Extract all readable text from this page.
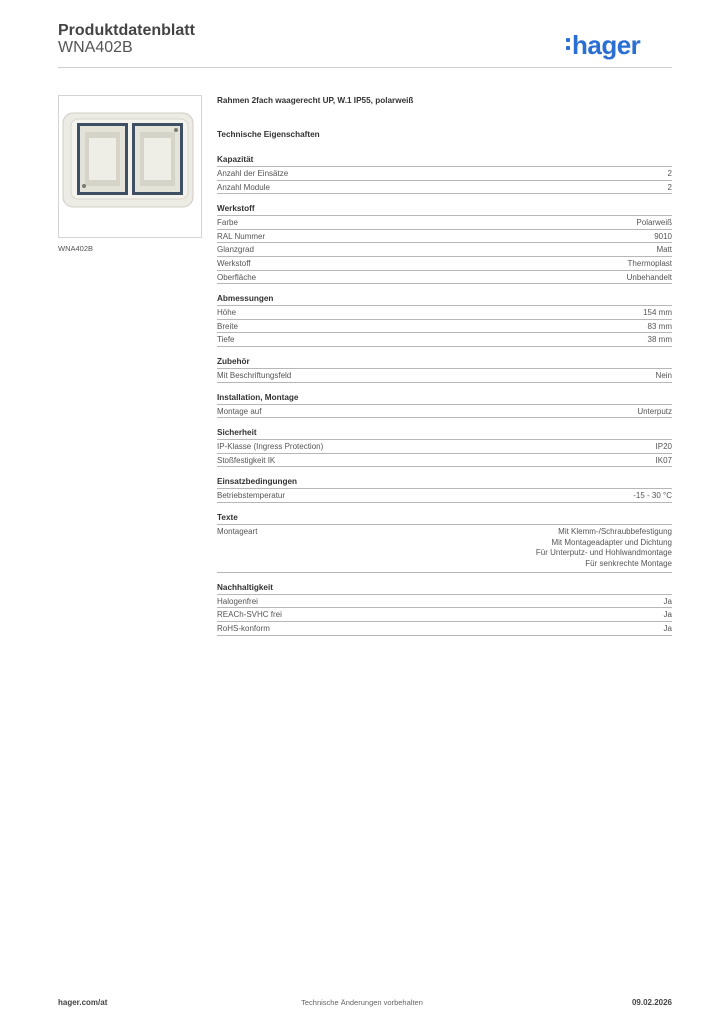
Produktdatenblatt
WNA402B	hager
WNA402B
Rahmen 2fach waagerecht UP, W.1 IP55, polarweiß
Technische Eigenschaften
Kapazität
Anzahl der Einsätze	2
Anzahl Module	2
Werkstoff
Farbe	Polarweiß
RAL Nummer	9010
Glanzgrad	Matt
Werkstoff	Thermoplast
Oberfläche	Unbehandelt
Abmessungen
Höhe	154 mm
Breite	83 mm
Tiefe	38 mm
Zubehör
Mit Beschriftungsfeld	Nein
Installation, Montage
Montage auf	Unterputz
Sicherheit
IP-Klasse (Ingress Protection)	IP20
Stoßfestigkeit IK	IK07
Einsatzbedingungen
Betriebstemperatur	-15 - 30 °C
Texte
Montageart	Mit Klemm-/Schraubbefestigung
Mit Montageadapter und Dichtung
Für Unterputz- und Hohlwandmontage
Für senkrechte Montage
Nachhaltigkeit
Halogenfrei	Ja
REACh-SVHC frei	Ja
RoHS-konform	Ja
hager.com/at	Technische Änderungen vorbehalten	09.02.2026
